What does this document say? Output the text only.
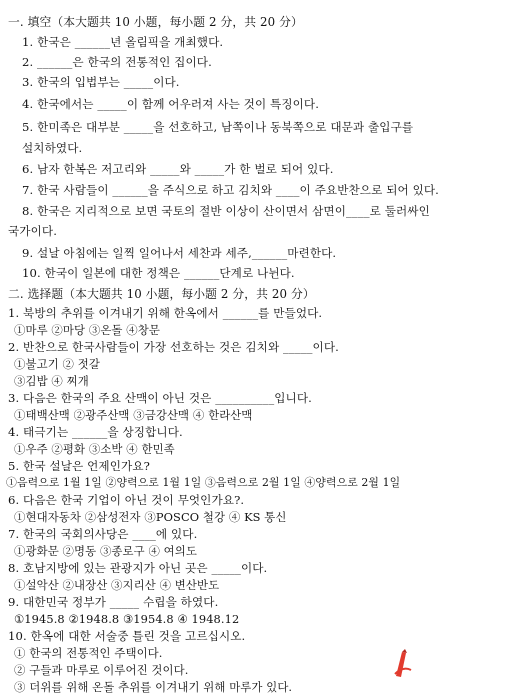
一. 填空（本大题共 10 小题，每小题 2 分，共 20 分）
1. 한국은 ______년 올림픽을 개최했다.
2. ______은 한국의 전통적인 집이다.
3. 한국의 입법부는 _____이다.
4. 한국에서는 _____이 함께 어우러져 사는 것이 특징이다.
5. 한미족은 대부분 _____을 선호하고, 남쪽이나 동북쪽으로 대문과 출입구를
설치하였다.
6. 남자 한복은 저고리와 _____와 _____가 한 벌로 되어 있다.
7. 한국 사람들이 ______을 주식으로 하고 김치와 ____이 주요반찬으로 되어 있다.
8. 한국은 지리적으로 보면 국토의 절반 이상이 산이면서 삼면이____로 둘러싸인
국가이다.
9. 설날 아침에는 일찍 일어나서 세찬과 세주,______마련한다.
10. 한국이 일본에 대한 정책은 ______단계로 나뉜다.
二. 选择题（本大题共 10 小题，每小题 2 分，共 20 分）
1. 북방의 추위를 이겨내기 위해 한옥에서 ______를 만들었다.
①마루 ②마당 ③온돌 ④창문
2. 반찬으로 한국사람들이 가장 선호하는 것은 김치와 _____이다.
①불고기 ② 젓갈
③김밥 ④ 찌개
3. 다음은 한국의 주요 산맥이 아닌 것은 __________입니다.
①태백산맥 ②광주산맥 ③금강산맥 ④ 한라산맥
4. 태극기는 ______을 상징합니다.
①우주 ②평화 ③소박 ④ 한민족
5. 한국 설날은 언제인가요?
①음력으로 1월 1일 ②양력으로 1월 1일 ③음력으로 2월 1일 ④양력으로 2월 1일
6. 다음은 한국 기업이 아닌 것이 무엇인가요?.
①현대자동차 ②삼성전자 ③POSCO 철강 ④ KS 통신
7. 한국의 국회의사당은 ____에 있다.
①광화문 ②명동 ③종로구 ④ 여의도
8. 호남지방에 있는 관광지가 아닌 곳은 _____이다.
①설악산 ②내장산 ③지리산 ④ 변산반도
9. 대한민국 정부가 _____ 수립을 하였다.
①1945.8 ②1948.8 ③1954.8 ④ 1948.12
10. 한옥에 대한 서술중 틀린 것을 고르십시오.
① 한국의 전통적인 주택이다.
② 구들과 마루로 이루어진 것이다.
③ 더위를 위해 온돌 추위를 이겨내기 위해 마루가 있다.
